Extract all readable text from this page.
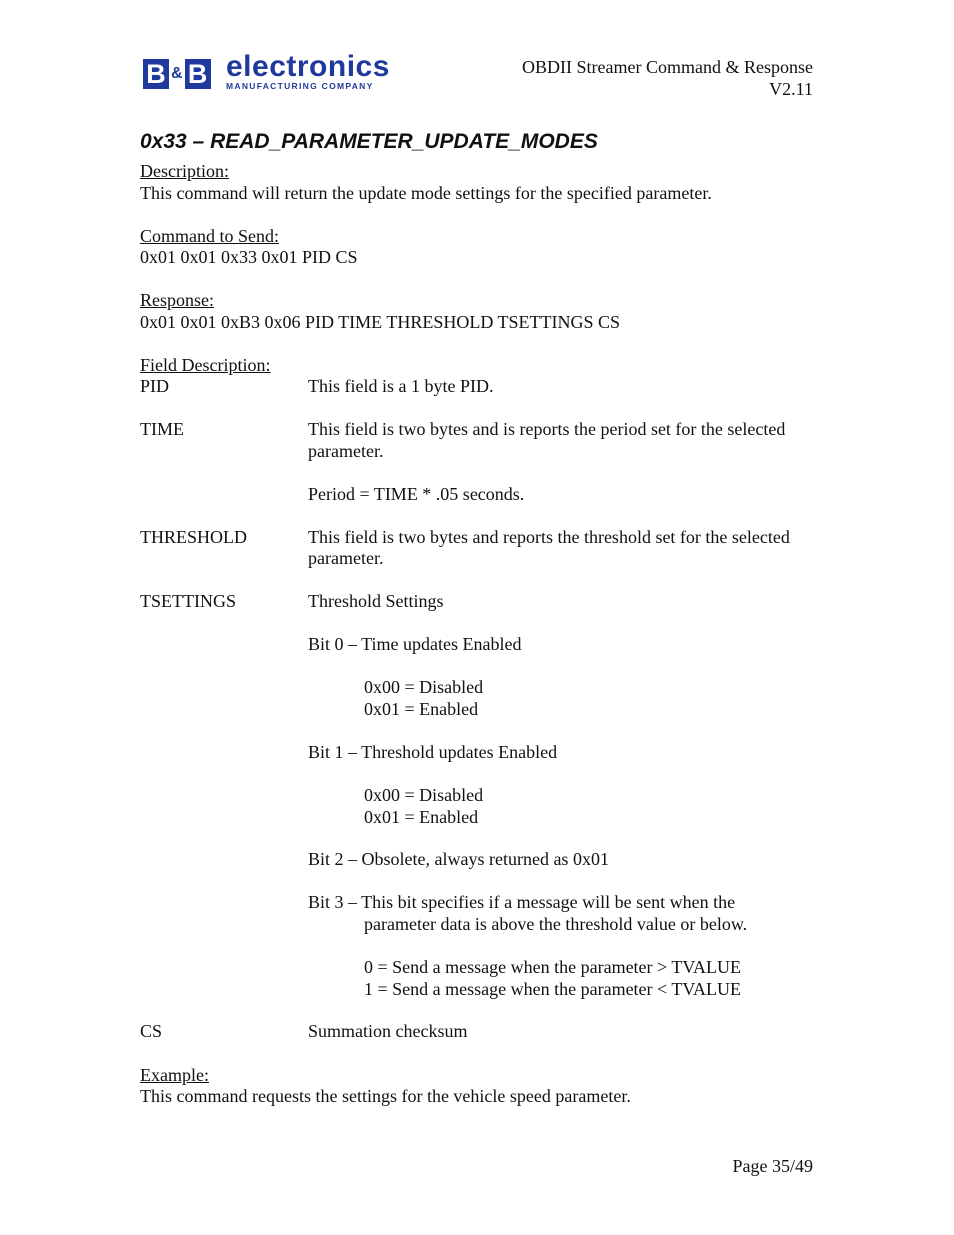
B & B electronics
MANUFACTURING COMPANY
OBDII Streamer Command & Response
V2.11
0x33 – READ_PARAMETER_UPDATE_MODES
Description:
This command will return the update mode settings for the specified parameter.
Command to Send:
0x01 0x01 0x33 0x01 PID CS
Response:
0x01 0x01 0xB3 0x06 PID TIME THRESHOLD TSETTINGS CS
Field Description:
PID	This field is a 1 byte PID.
TIME	This field is two bytes and is reports the period set for the selected
parameter.
Period = TIME * .05 seconds.
THRESHOLD	This field is two bytes and reports the threshold set for the selected
parameter.
TSETTINGS	Threshold Settings
Bit 0 – Time updates Enabled
0x00 = Disabled
0x01 = Enabled
Bit 1 – Threshold updates Enabled
0x00 = Disabled
0x01 = Enabled
Bit 2 – Obsolete, always returned as 0x01
Bit 3 – This bit specifies if a message will be sent when the
parameter data is above the threshold value or below.
0 = Send a message when the parameter > TVALUE
1 = Send a message when the parameter < TVALUE
CS	Summation checksum
Example:
This command requests the settings for the vehicle speed parameter.
Page 35/49
